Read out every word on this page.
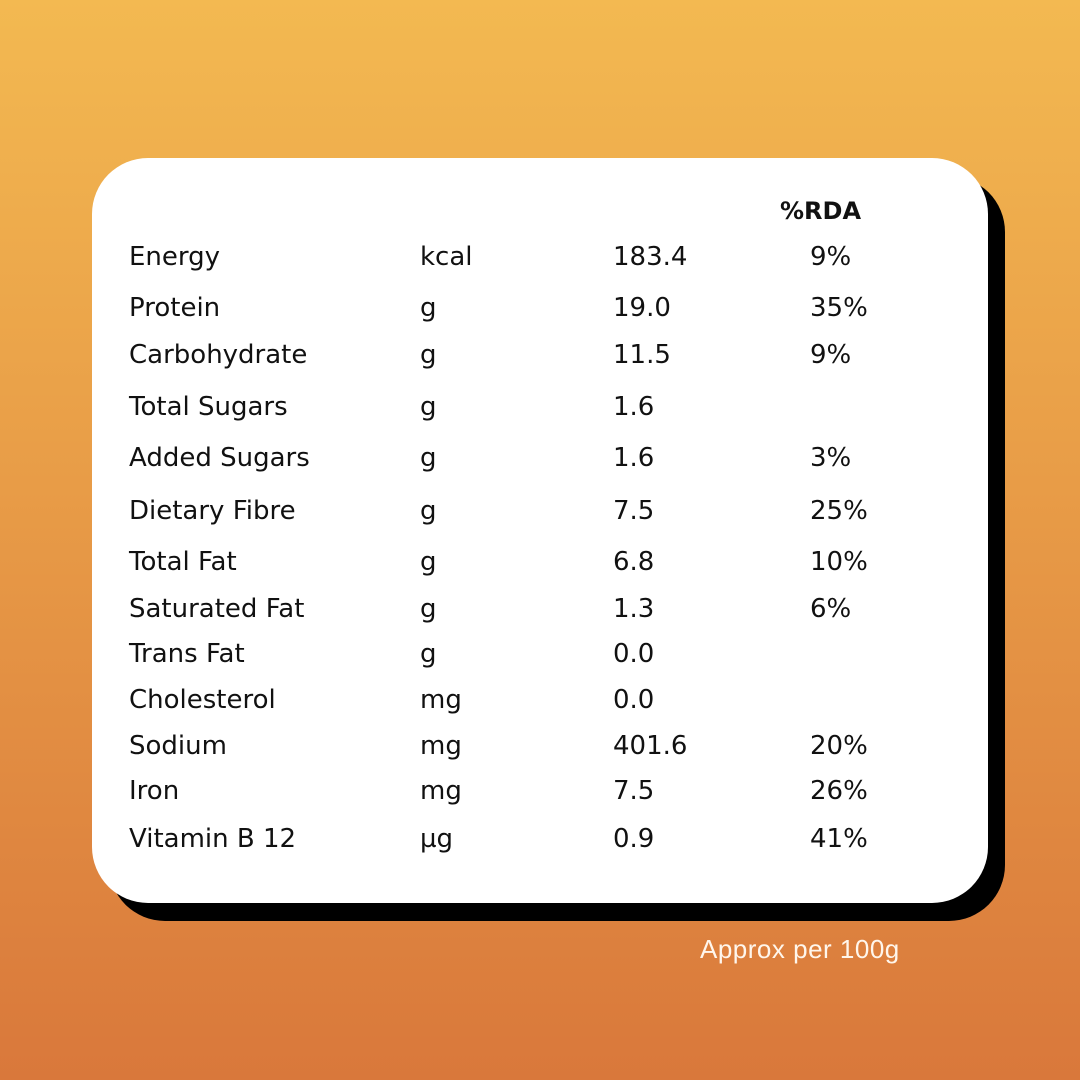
%RDA
Energy	kcal	183.4	9%
Protein	g	19.0	35%
Carbohydrate	g	11.5	9%
Total Sugars	g	1.6
Added Sugars	g	1.6	3%
Dietary Fibre	g	7.5	25%
Total Fat	g	6.8	10%
Saturated Fat	g	1.3	6%
Trans Fat	g	0.0
Cholesterol	mg	0.0
Sodium	mg	401.6	20%
Iron	mg	7.5	26%
Vitamin B 12	µg	0.9	41%
Approx per 100g
